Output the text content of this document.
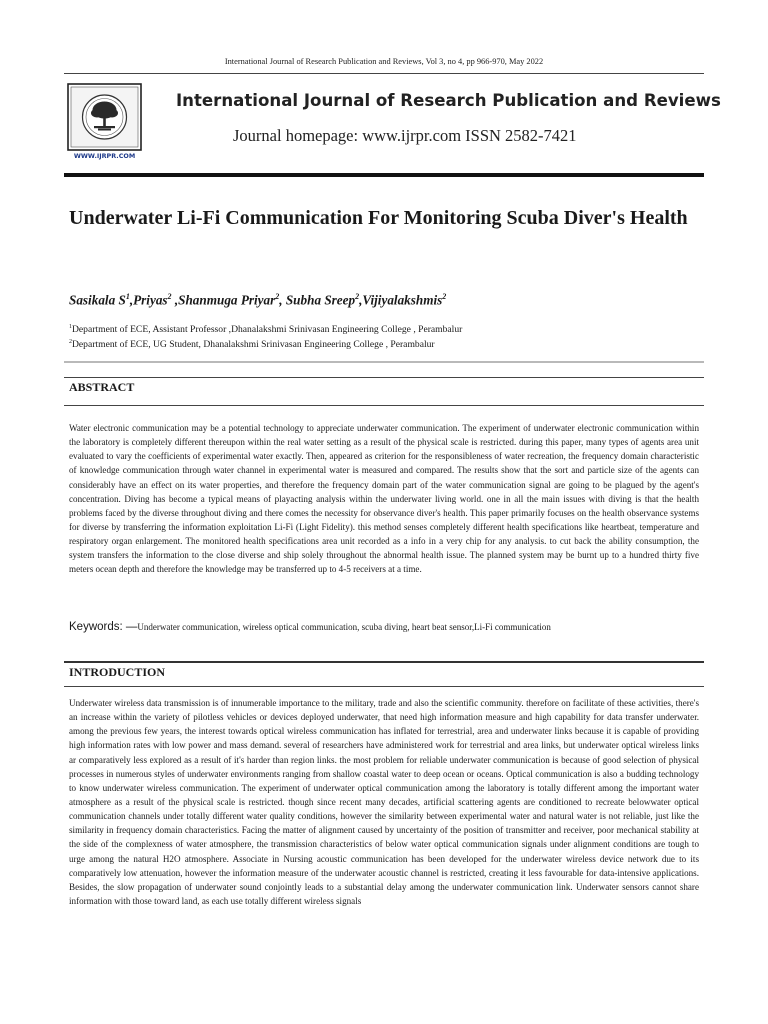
International Journal of Research Publication and Reviews, Vol 3, no 4, pp 966-970, May 2022
WWW.IJRPR.COM
International Journal of Research Publication and Reviews
Journal homepage: www.ijrpr.com ISSN 2582-7421
Underwater Li-Fi Communication For Monitoring Scuba Diver's Health
Sasikala $S^1,Priyas^2$ ,Shanmuga Priyar$^2$, Subha Sreep$^2$,Vijiyalakshmis$^2$
$^1$Department of ECE, Assistant Professor ,Dhanalakshmi Srinivasan Engineering College , Perambalur
$^2$Department of ECE, UG Student, Dhanalakshmi Srinivasan Engineering College , Perambalur
ABSTRACT
Water electronic communication may be a potential technology to appreciate underwater communication. The experiment of underwater electronic communication within the laboratory is completely different thereupon within the real water setting as a result of the physical scale is restricted. during this paper, many types of agents area unit evaluated to vary the coefficients of experimental water exactly. Then, appeared as criterion for the responsibleness of water recreation, the frequency domain characteristic of knowledge communication through water channel in experimental water is measured and compared. The results show that the sort and particle size of the agents can considerably have an effect on its water properties, and therefore the frequency domain part of the water communication signal are going to be plagued by the agent's concentration. Diving has become a typical means of playacting analysis within the underwater living world. one in all the main issues with diving is that the health problems faced by the diverse throughout diving and there comes the necessity for observance diver's health. This paper primarily focuses on the health observance systems for diverse by transferring the information exploitation Li-Fi (Light Fidelity). this method senses completely different health specifications like heartbeat, temperature and respiratory organ enlargement. The monitored health specifications area unit recorded as a info in a very chip for any analysis. to cut back the ability consumption, the system transfers the information to the close diverse and ship solely throughout the abnormal health issue. The planned system may be burnt up to a hundred thirty five meters ocean depth and therefore the knowledge may be transferred up to 4-5 receivers at a time.
Keywords: —Underwater communication, wireless optical communication, scuba diving, heart beat sensor,Li-Fi communication
INTRODUCTION
Underwater wireless data transmission is of innumerable importance to the military, trade and also the scientific community. therefore on facilitate of these activities, there's an increase within the variety of pilotless vehicles or devices deployed underwater, that need high information measure and high capability for data transfer underwater. among the previous few years, the interest towards optical wireless communication has inflated for terrestrial, area and underwater links because it is capable of providing high information rates with low power and mass demand. several of researchers have administered work for terrestrial and area links, but underwater optical wireless links ar comparatively less explored as a result of it's harder than region links. the most problem for reliable underwater communication is because of good selection of physical processes in numerous styles of underwater environments ranging from shallow coastal water to deep ocean or oceans. Optical communication is also a budding technology to know underwater wireless communication. The experiment of underwater optical communication among the laboratory is totally different among the important water atmosphere as a result of the physical scale is restricted. though since recent many decades, artificial scattering agents are conditioned to recreate belowwater optical communication channels under totally different water quality conditions, however the similarity between experimental water and natural water is not reliable, just like the similarity in frequency domain characteristics. Facing the matter of alignment caused by uncertainty of the position of transmitter and receiver, poor mechanical stability at the side of the complexness of water atmosphere, the transmission characteristics of below water optical communication signals under alignment conditions are tough to urge among the natural H2O atmosphere. Associate in Nursing acoustic communication has been developed for the underwater wireless device network due to its comparatively low attenuation, however the information measure of the underwater acoustic channel is restricted, creating it less favourable for data-intensive applications. Besides, the slow propagation of underwater sound conjointly leads to a substantial delay among the underwater communication link. Underwater sensors cannot share information with those toward land, as each use totally different wireless signals
